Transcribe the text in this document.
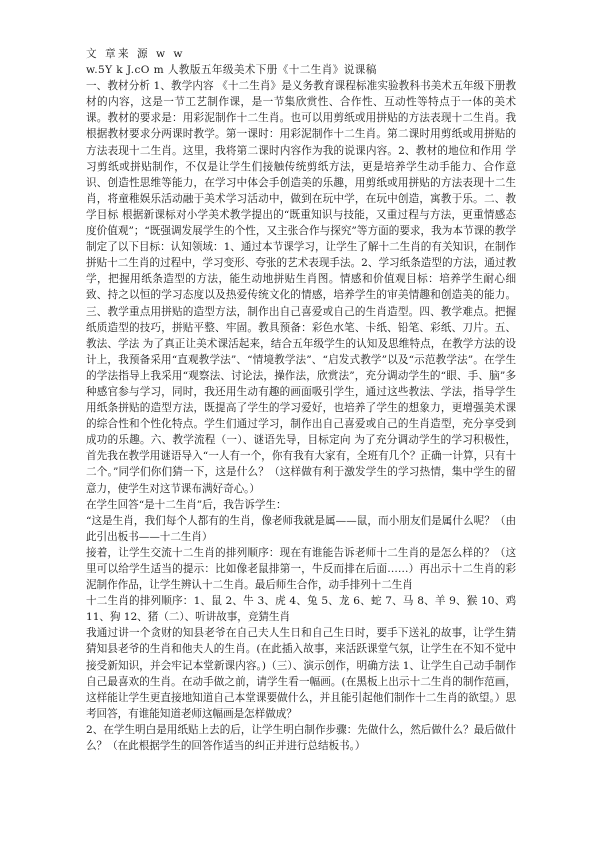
文 章来 源 w w
w.5Y k J.cO m 人教版五年级美术下册《十二生肖》说课稿
一、教材分析 1、教学内容 《十二生肖》是义务教育课程标准实验教科书美术五年级下册教材的内容，这是一节工艺制作课，是一节集欣赏性、合作性、互动性等特点于一体的美术课。教材的要求是：用彩泥制作十二生肖。也可以用剪纸或用拼贴的方法表现十二生肖。我根据教材要求分两课时教学。第一课时：用彩泥制作十二生肖。第二课时用剪纸或用拼贴的方法表现十二生肖。这里，我将第二课时内容作为我的说课内容。2、教材的地位和作用 学习剪纸或拼贴制作，不仅是让学生们接触传统剪纸方法，更是培养学生动手能力、合作意识、创造性思维等能力，在学习中体会手创造美的乐趣，用剪纸或用拼贴的方法表现十二生肖，将童稚娱乐活动融于美术学习活动中，做到在玩中学，在玩中创造，寓教于乐。二、教学目标 根据新课标对小学美术教学提出的“既重知识与技能，又重过程与方法，更重情感态度价值观”；“既强调发展学生的个性，又主张合作与探究”等方面的要求，我为本节课的教学制定了以下目标：认知领域：1、通过本节课学习，让学生了解十二生肖的有关知识，在制作拼贴十二生肖的过程中，学习变形、夸张的艺术表现手法。2、学习纸条造型的方法，通过教学，把握用纸条造型的方法，能生动地拼贴生肖图。情感和价值观目标：培养学生耐心细致、持之以恒的学习态度以及热爱传统文化的情感，培养学生的审美情趣和创造美的能力。三、教学重点用拼贴的造型方法，制作出自己喜爱或自己的生肖造型。四、教学难点。把握纸质造型的技巧，拼贴平整、牢固。教具预备：彩色水笔、卡纸、铅笔、彩纸、刀片。五、教法、学法 为了真正让美术课活起来，结合五年级学生的认知及思维特点，在教学方法的设计上，我预备采用“直观教学法”、“情境教学法”、“启发式教学”以及“示范教学法”。在学生的学法指导上我采用“观察法、讨论法，操作法，欣赏法”，充分调动学生的“眼、手、脑”多种感官参与学习，同时，我还用生动有趣的画面吸引学生，通过这些教法、学法，指导学生用纸条拼贴的造型方法，既提高了学生的学习爱好，也培养了学生的想象力，更增强美术课的综合性和个性化特点。学生们通过学习，制作出自己喜爱或自己的生肖造型，充分享受到成功的乐趣。六、教学流程（一）、谜语先导，目标定向 为了充分调动学生的学习积极性，首先我在教学用谜语导入“一人有一个，你有我有大家有，全班有几个？正确一计算，只有十二个。”同学们你们猜一下，这是什么？（这样做有利于激发学生的学习热情，集中学生的留意力，使学生对这节课布满好奇心。）
在学生回答“是十二生肖”后，我告诉学生：
“这是生肖，我们每个人都有的生肖，像老师我就是属——鼠，而小朋友们是属什么呢？（由此引出板书——十二生肖）
接着，让学生交流十二生肖的排列顺序：现在有谁能告诉老师十二生肖的是怎么样的？（这里可以给学生适当的提示：比如像老鼠排第一，牛反而排在后面……）再出示十二生肖的彩泥制作作品，让学生辨认十二生肖。最后师生合作，动手排列十二生肖
十二生肖的排列顺序：1、鼠 2、牛 3、虎 4、兔 5、龙 6、蛇 7、马 8、羊 9、猴 10、鸡 11、狗 12、猪（二）、听讲故事，竞猜生肖
我通过讲一个贪财的知县老爷在自己夫人生日和自己生日时，要手下送礼的故事，让学生猜猜知县老爷的生肖和他夫人的生肖。(在此插入故事，来活跃课堂气氛，让学生在不知不觉中接受新知识，并会牢记本堂新课内容。)（三）、演示创作，明确方法 1、让学生自己动手制作自己最喜欢的生肖。在动手做之前，请学生看一幅画。(在黑板上出示十二生肖的制作范画，这样能让学生更直接地知道自己本堂课要做什么，并且能引起他们制作十二生肖的欲望。）思考回答，有谁能知道老师这幅画是怎样做成？
2、在学生明白是用纸贴上去的后，让学生明白制作步骤：先做什么，然后做什么？最后做什么？（在此根据学生的回答作适当的纠正并进行总结板书。）
